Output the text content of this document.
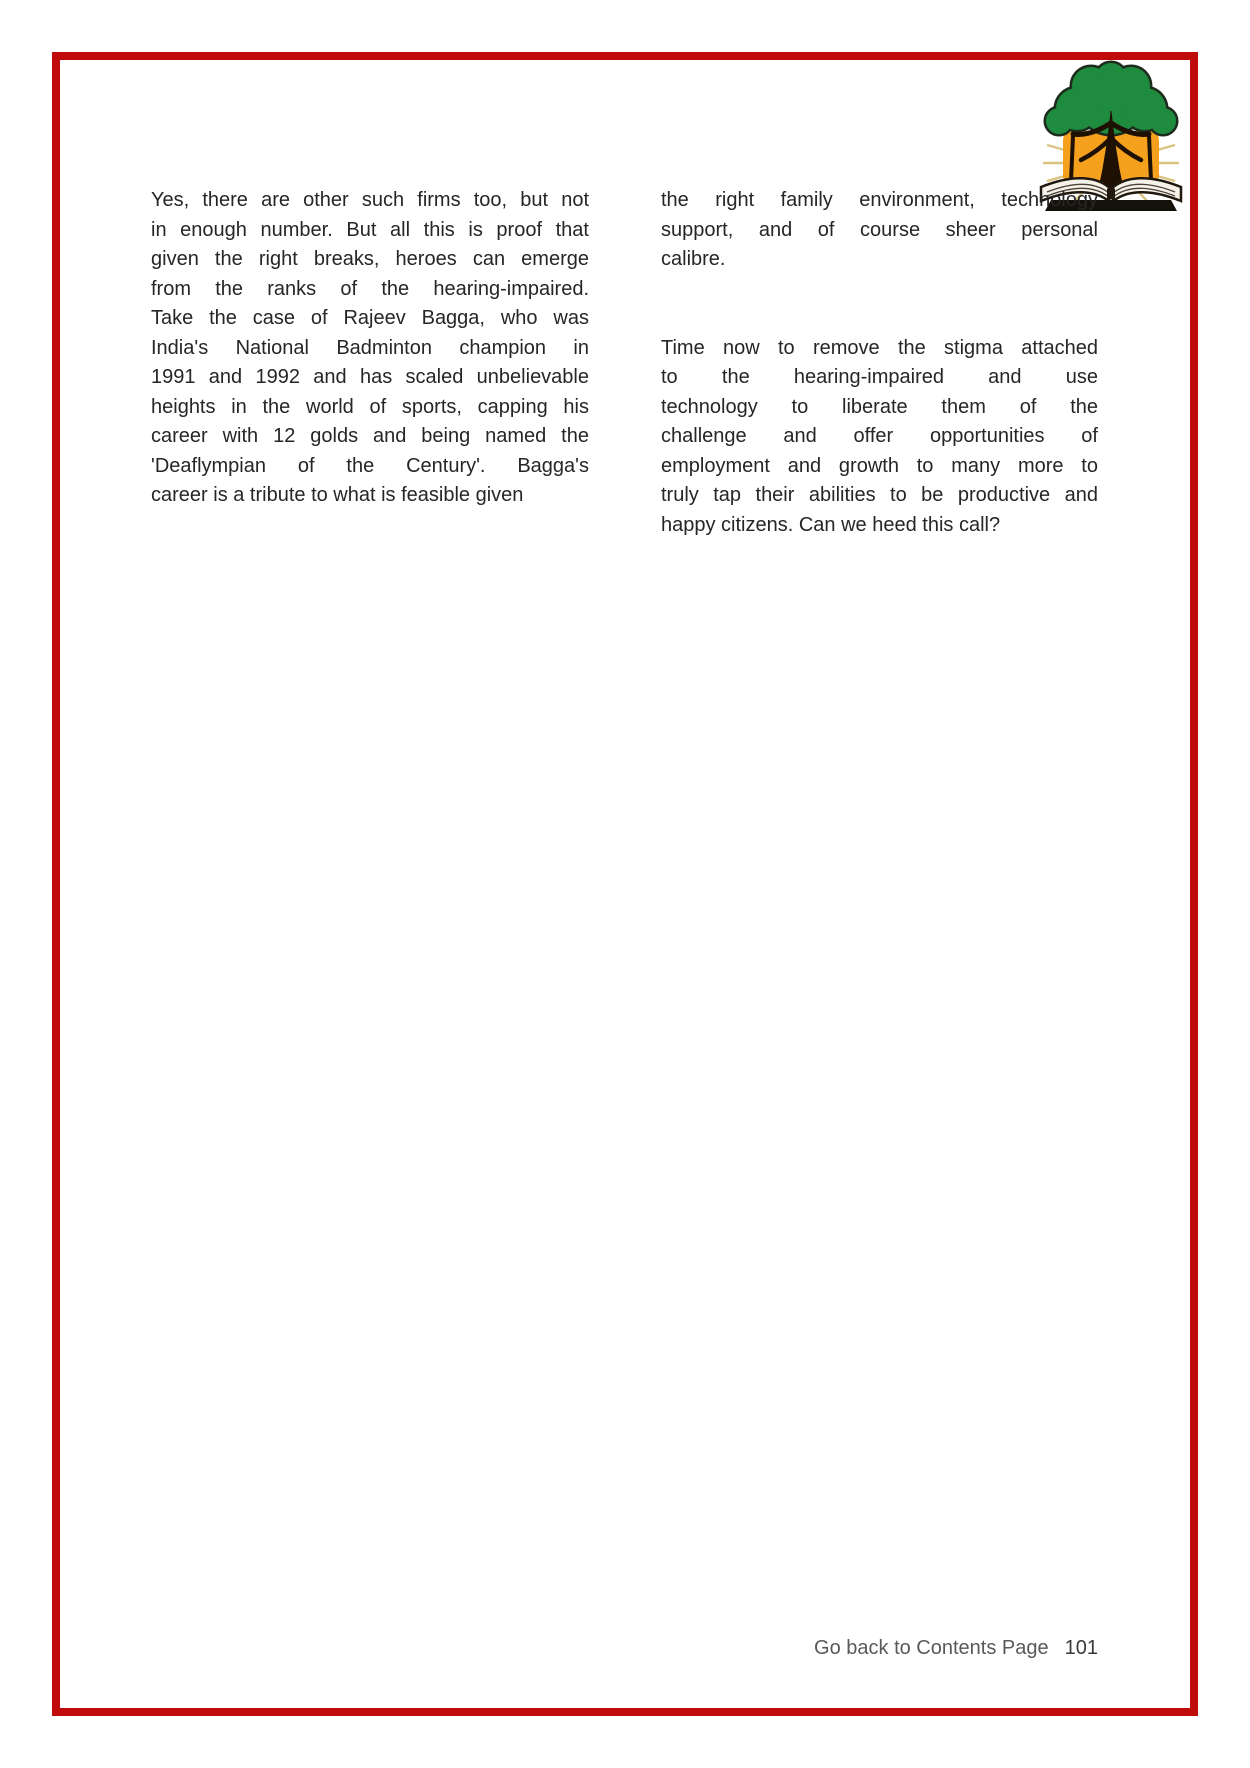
Yes, there are other such firms too, but not
in enough number. But all this is proof that
given the right breaks, heroes can emerge
from the ranks of the hearing-impaired.
Take the case of Rajeev Bagga, who was
India's National Badminton champion in
1991 and 1992 and has scaled unbelievable
heights in the world of sports, capping his
career with 12 golds and being named the
'Deaflympian of the Century'. Bagga's
career is a tribute to what is feasible given
the right family environment, technology
support, and of course sheer personal
calibre.
Time now to remove the stigma attached
to the hearing-impaired and use
technology to liberate them of the
challenge and offer opportunities of
employment and growth to many more to
truly tap their abilities to be productive and
happy citizens. Can we heed this call?
Go back to Contents Page 101
